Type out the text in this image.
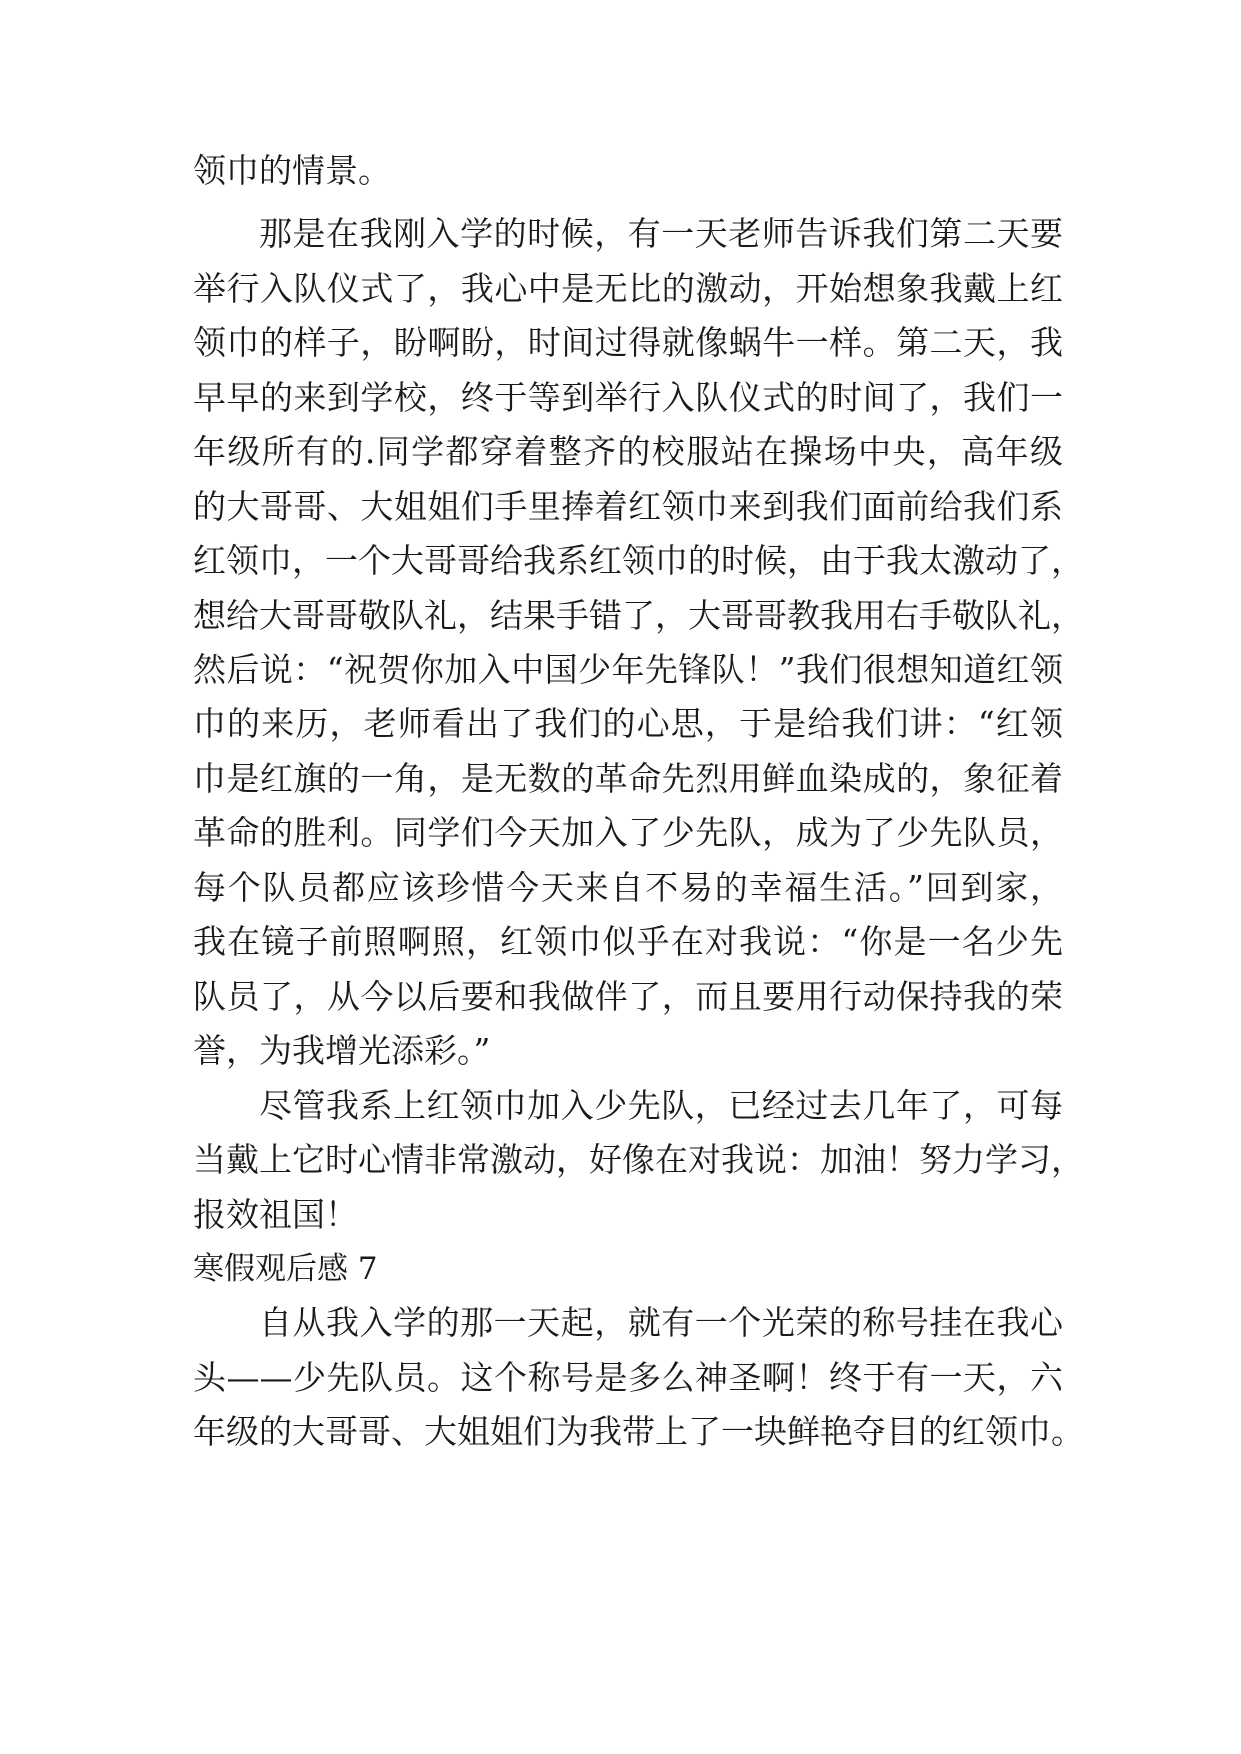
领巾的情景。
那是在我刚入学的时候，有一天老师告诉我们第二天要
举行入队仪式了，我心中是无比的激动，开始想象我戴上红
领巾的样子，盼啊盼，时间过得就像蜗牛一样。第二天，我
早早的来到学校，终于等到举行入队仪式的时间了，我们一
年级所有的.同学都穿着整齐的校服站在操场中央，高年级
的大哥哥、大姐姐们手里捧着红领巾来到我们面前给我们系
红领巾，一个大哥哥给我系红领巾的时候，由于我太激动了，
想给大哥哥敬队礼，结果手错了，大哥哥教我用右手敬队礼，
然后说：“祝贺你加入中国少年先锋队！”我们很想知道红领
巾的来历，老师看出了我们的心思，于是给我们讲：“红领
巾是红旗的一角，是无数的革命先烈用鲜血染成的，象征着
革命的胜利。同学们今天加入了少先队，成为了少先队员，
每个队员都应该珍惜今天来自不易的幸福生活。”回到家，
我在镜子前照啊照，红领巾似乎在对我说：“你是一名少先
队员了，从今以后要和我做伴了，而且要用行动保持我的荣
誉，为我增光添彩。”
尽管我系上红领巾加入少先队，已经过去几年了，可每
当戴上它时心情非常激动，好像在对我说：加油！努力学习，
报效祖国！
寒假观后感 7
自从我入学的那一天起，就有一个光荣的称号挂在我心
头——少先队员。这个称号是多么神圣啊！终于有一天，六
年级的大哥哥、大姐姐们为我带上了一块鲜艳夺目的红领巾。
